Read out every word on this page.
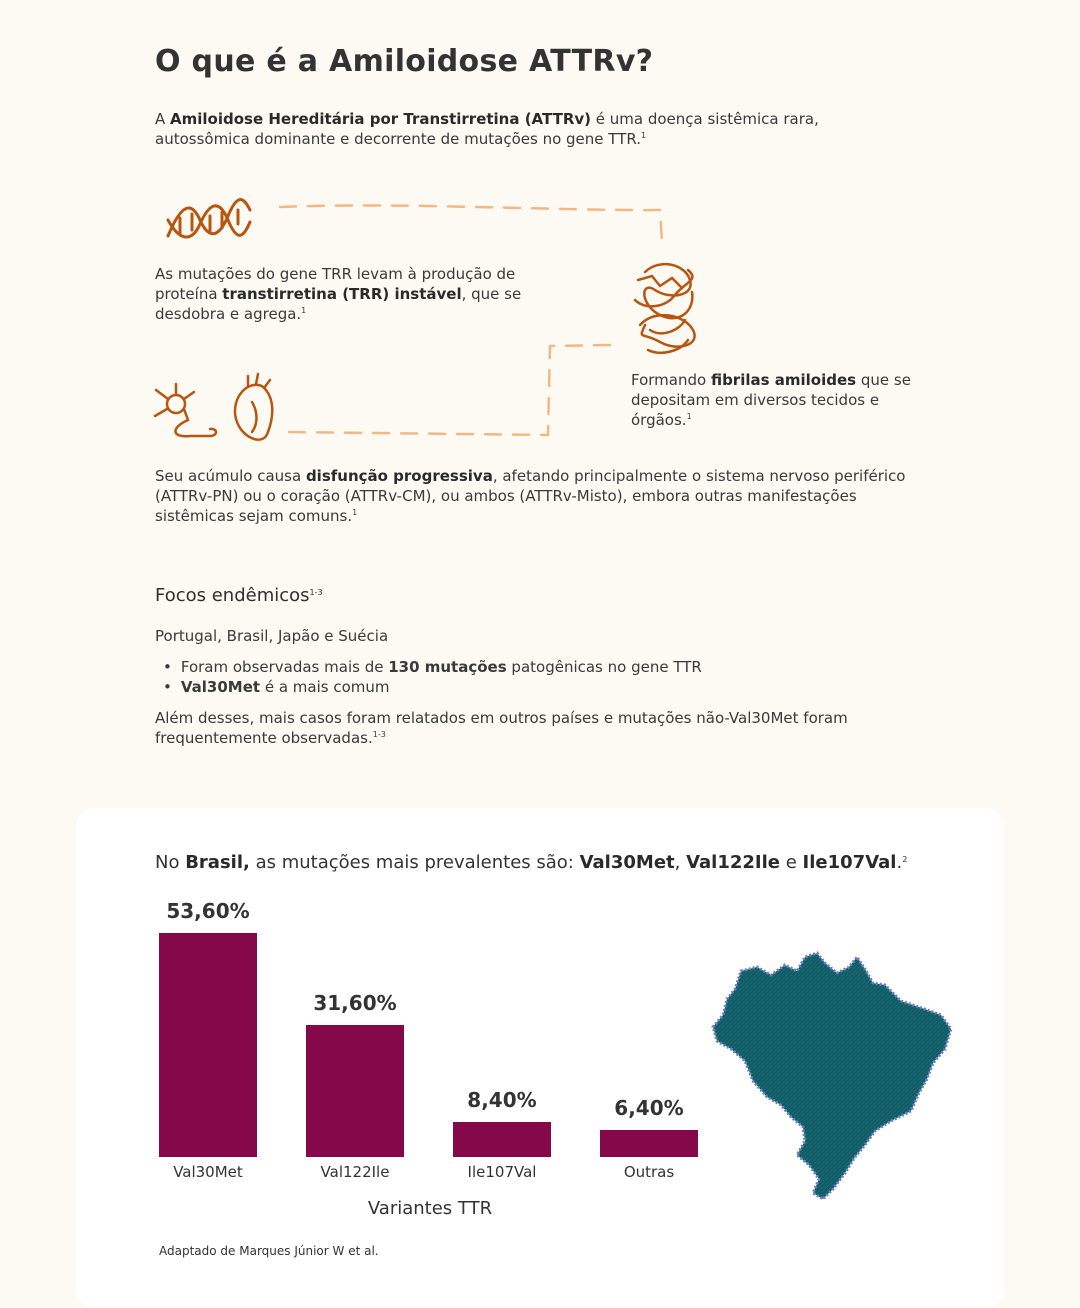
O que é a Amiloidose ATTRv?

A Amiloidose Hereditária por Transtirretina (ATTRv) é uma doença sistêmica rara, autossômica dominante e decorrente de mutações no gene TTR.$^1$

As mutações do gene TRR levam à produção de proteína transtirretina (TRR) instável, que se desdobra e agrega.$^1$

Formando fibrilas amiloides que se depositam em diversos tecidos e órgãos.$^1$

Seu acúmulo causa disfunção progressiva, afetando principalmente o sistema nervoso periférico (ATTRv-PN) ou o coração (ATTRv-CM), ou ambos (ATTRv-Misto), embora outras manifestações sistêmicas sejam comuns.$^1$

Focos endêmicos$^{1-3}$

Portugal, Brasil, Japão e Suécia

• Foram observadas mais de 130 mutações patogênicas no gene TTR
• Val30Met é a mais comum

Além desses, mais casos foram relatados em outros países e mutações não-Val30Met foram frequentemente observadas.$^{1-3}$

No Brasil, as mutações mais prevalentes são: Val30Met, Val122Ile e Ile107Val.$^2$

Variantes TTR
Adaptado de Marques Júnior W et al.
53,60%
Val30Met
31,60%
Val122Ile
8,40%
Ile107Val
6,40%
Outras
